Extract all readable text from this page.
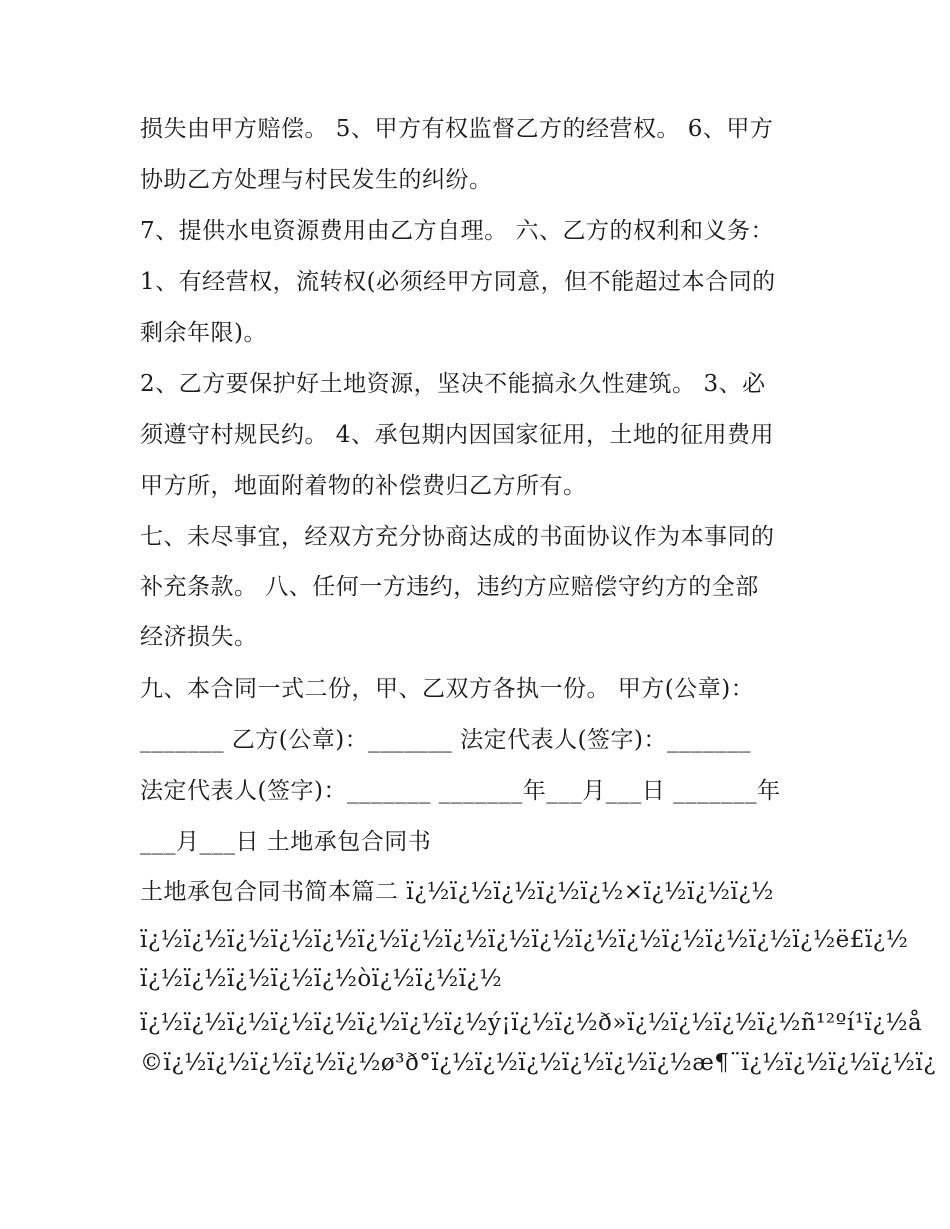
损失由甲方赔偿。 5、甲方有权监督乙方的经营权。 6、甲方
协助乙方处理与村民发生的纠纷。
7、提供水电资源费用由乙方自理。 六、乙方的权利和义务：
1、有经营权，流转权(必须经甲方同意，但不能超过本合同的
剩余年限)。
2、乙方要保护好土地资源，坚决不能搞永久性建筑。 3、必
须遵守村规民约。 4、承包期内因国家征用，土地的征用费用
甲方所，地面附着物的补偿费归乙方所有。
七、未尽事宜，经双方充分协商达成的书面协议作为本事同的
补充条款。 八、任何一方违约，违约方应赔偿守约方的全部
经济损失。
九、本合同一式二份，甲、乙双方各执一份。 甲方(公章)：
_______ 乙方(公章)：_______ 法定代表人(签字)：_______
法定代表人(签字)：_______ _______年___月___日 _______年
___月___日 土地承包合同书
土地承包合同书简本篇二 ï¿½ï¿½ï¿½ï¿½ï¿½×ï¿½ï¿½ï¿½
ï¿½ï¿½ï¿½ï¿½ï¿½ï¿½ï¿½ï¿½ï¿½ï¿½ï¿½ï¿½ï¿½ï¿½ï¿½ï¿½ë£ï¿½
ï¿½ï¿½ï¿½ï¿½ï¿½òï¿½ï¿½ï¿½
ï¿½ï¿½ï¿½ï¿½ï¿½ï¿½ï¿½ï¿½ý¡ï¿½ï¿½ð»ï¿½ï¿½ï¿½ï¿½ñ¹²ºí¹ï¿½å
©ï¿½ï¿½ï¿½ï¿½ï¿½ø³ð°ï¿½ï¿½ï¿½ï¿½ï¿½ï¿½æ¶¨ï¿½ï¿½ï¿½ï¿½ï¿
